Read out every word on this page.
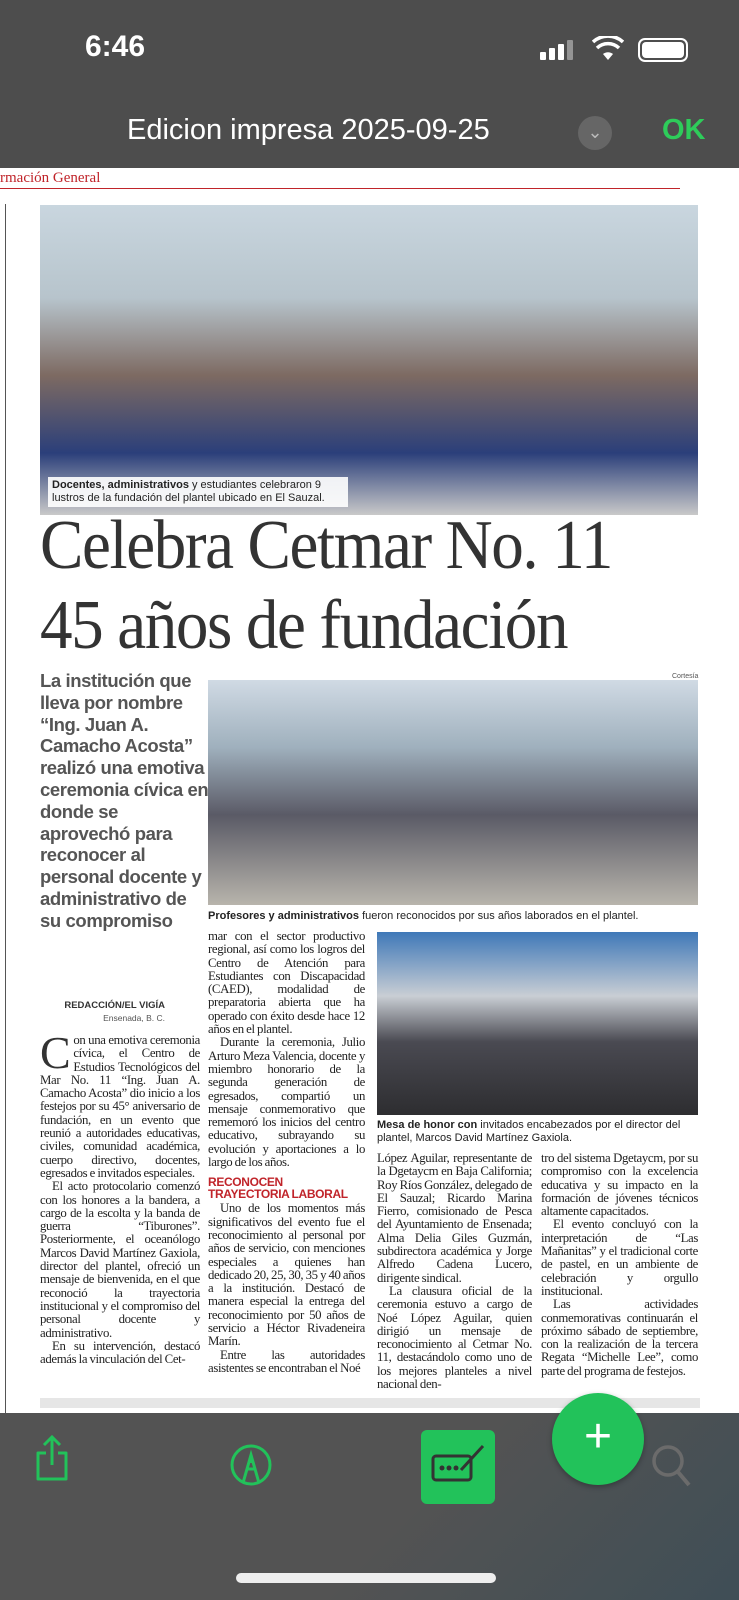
6:46
Edicion impresa 2025-09-25	⌄	OK
rmación General
Docentes, administrativos y estudiantes celebraron 9 lustros de la fundación del plantel ubicado en El Sauzal.
Celebra Cetmar No. 11
45 años de fundación
La institución que lleva por nombre “Ing. Juan A. Camacho Acosta” realizó una emotiva ceremonia cívica en donde se aprovechó para reconocer al personal docente y administrativo de su compromiso
REDACCIÓN/EL VIGÍA
Ensenada, B. C.
Cortesía
Profesores y administrativos fueron reconocidos por sus años laborados en el plantel.
Mesa de honor con invitados encabezados por el director del plantel, Marcos David Martínez Gaxiola.

Con una emotiva ceremonia cívica, el Centro de Estudios Tecnológicos del Mar No. 11 “Ing. Juan A. Camacho Acosta” dio inicio a los festejos por su 45° aniversario de fundación, en un evento que reunió a autoridades educativas, civiles, comunidad académica, cuerpo directivo, docentes, egresados e invitados especiales.

El acto protocolario comenzó con los honores a la bandera, a cargo de la escolta y la banda de guerra “Tiburones”. Posteriormente, el oceanólogo Marcos David Martínez Gaxiola, director del plantel, ofreció un mensaje de bienvenida, en el que reconoció la trayectoria institucional y el compromiso del personal docente y administrativo.

En su intervención, destacó además la vinculación del Cet-

mar con el sector productivo regional, así como los logros del Centro de Atención para Estudiantes con Discapacidad (CAED), modalidad de preparatoria abierta que ha operado con éxito desde hace 12 años en el plantel.

Durante la ceremonia, Julio Arturo Meza Valencia, docente y miembro honorario de la segunda generación de egresados, compartió un mensaje conmemorativo que rememoró los inicios del centro educativo, subrayando su evolución y aportaciones a lo largo de los años.

RECONOCEN TRAYECTORIA LABORAL

Uno de los momentos más significativos del evento fue el reconocimiento al personal por años de servicio, con menciones especiales a quienes han dedicado 20, 25, 30, 35 y 40 años a la institución. Destacó de manera especial la entrega del reconocimiento por 50 años de servicio a Héctor Rivadeneira Marín.

Entre las autoridades asistentes se encontraban el Noé

López Aguilar, representante de la Dgetaycm en Baja California; Roy Ríos González, delegado de El Sauzal; Ricardo Marina Fierro, comisionado de Pesca del Ayuntamiento de Ensenada; Alma Delia Giles Guzmán, subdirectora académica y Jorge Alfredo Cadena Lucero, dirigente sindical.

La clausura oficial de la ceremonia estuvo a cargo de Noé López Aguilar, quien dirigió un mensaje de reconocimiento al Cetmar No. 11, destacándolo como uno de los mejores planteles a nivel nacional den-

tro del sistema Dgetaycm, por su compromiso con la excelencia educativa y su impacto en la formación de jóvenes técnicos altamente capacitados.

El evento concluyó con la interpretación de “Las Mañanitas” y el tradicional corte de pastel, en un ambiente de celebración y orgullo institucional.

Las actividades conmemorativas continuarán el próximo sábado de septiembre, con la realización de la tercera Regata “Michelle Lee”, como parte del programa de festejos.

+
